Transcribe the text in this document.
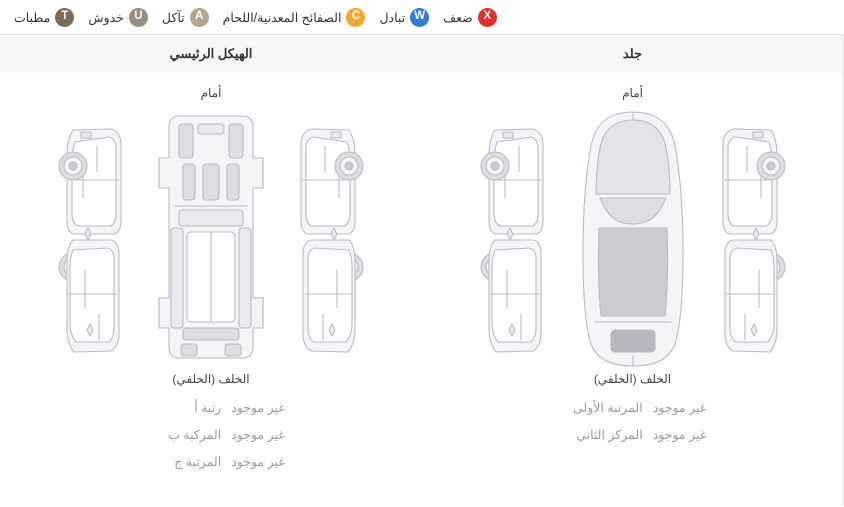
X
ضعف
W
تبادل
C
الصفائح المعدنية/اللحام
A
تآكل
U
خدوش
T
مطبات
جلد
الهيكل الرئيسي
أمام
الخلف (الخلفي)
غير موجود
المرتبة الأولى
غير موجود
المركز الثاني
أمام
الخلف (الخلفي)
غير موجود
رتبة أ
غير موجود
المركبة ب
غير موجود
المرتبة ج
